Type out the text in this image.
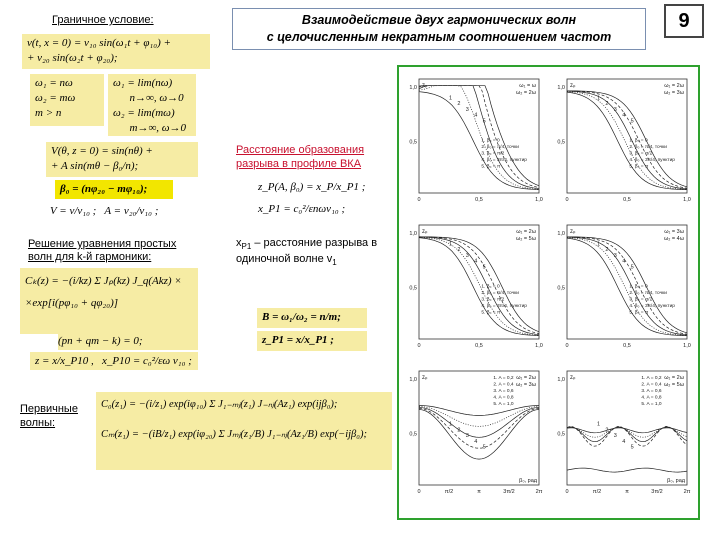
Взаимодействие двух гармонических волн
с целочисленным некратным соотношением частот
9
Граничное условие:
v(t, x = 0) = v₁₀ sin(ω₁t + φ₁₀) +
+ v₂₀ sin(ω₂t + φ₂₀);
ω₁ = nω
ω₂ = mω
m > n
ω₁ = lim(nω)
n→∞, ω→0
ω₂ = lim(mω)
m→∞, ω→0
V(θ, z = 0) = sin(nθ) +
+ A sin(mθ − β₀/n);
β₀ = (nφ₂₀ − mφ₁₀);
V = v/v₁₀ ;   A = v₂₀/v₁₀ ;
Решение уравнения простых волн для k-й гармоники:
Cₖ(z) = −(i/kz) Σ Jₚ(kz) J_q(Akz) ×
×exp[i(pφ₁₀ + qφ₂₀)]
(pn + qm − k) = 0;
z = x/x_P10 ,   x_P10 = c₀²/εω v₁₀ ;
Расстояние образования разрыва в профиле ВКА
z_P(A, β₀) = x_P/x_P1 ;
x_P1 = c₀²/εnωv₁₀ ;
$x_{P1}$ – расстояние разрыва в одиночной волне $v_1$
B = ω₁/ω₂ = n/m;
z_P1 = x/x_P1 ;
Первичные волны:
C₀(z₁) = −(i/z₁) exp(iφ₁₀) Σ J₁₋ₘⱼ(z₁) J₋ₙⱼ(Az₁) exp(ijβ₀);
Cₘ(z₁) = −(iB/z₁) exp(iφ₂₀) Σ Jₘⱼ(z₁/B) J₁₋ₙⱼ(Az₁/B) exp(−ijβ₀);
zₚ
1,0
0,5
0	0,5	1,0
ω₁ = ω
ω₂ = 2ω
1. β₀ = 0
2. β₀ = π/4, точки
3. β₀ = π/2
4. β₀ = 3π/4, пунктир
5. β₀ = π
1
2
3
4
5
zₚ
1,0
0,5
0	0,5	1,0
ω₁ = 2ω
ω₂ = 3ω
1. β₀ = 0
2. β₀ = π/4, точки
3. β₀ = π/2
4. β₀ = 3π/4, пунктир
5. β₀ = π
1
2
3
4
5
zₚ
1,0
0,5
0	0,5	1,0
ω₁ = 2ω
ω₂ = 5ω
1. β₀ = 0
2. β₀ = π/4, точки
3. β₀ = π/2
4. β₀ = 3π/4, пунктир
5. β₀ = π
1
2
3
4
5
zₚ
1,0
0,5
0	0,5	1,0
ω₁ = 3ω
ω₂ = 4ω
1. β₀ = 0
2. β₀ = π/4, точки
3. β₀ = π/2
4. β₀ = 3π/4, пунктир
5. β₀ = π
1
2
3
4
5
zₚ
1,0
0,5
0	π/2	π	3π/2	2π
β₀, рад
ω₁ = 2ω
ω₂ = 3ω
1. A = 0,2
2. A = 0,4
3. A = 0,6
4. A = 0,8
5. A = 1,0
1
2
3
4
5
zₚ
1,0
0,5
0	π/2	π	3π/2	2π
β₀, рад
ω₁ = 2ω
ω₂ = 5ω
1. A = 0,2
2. A = 0,4
3. A = 0,6
4. A = 0,8
5. A = 1,0
1
2
3
4
5
